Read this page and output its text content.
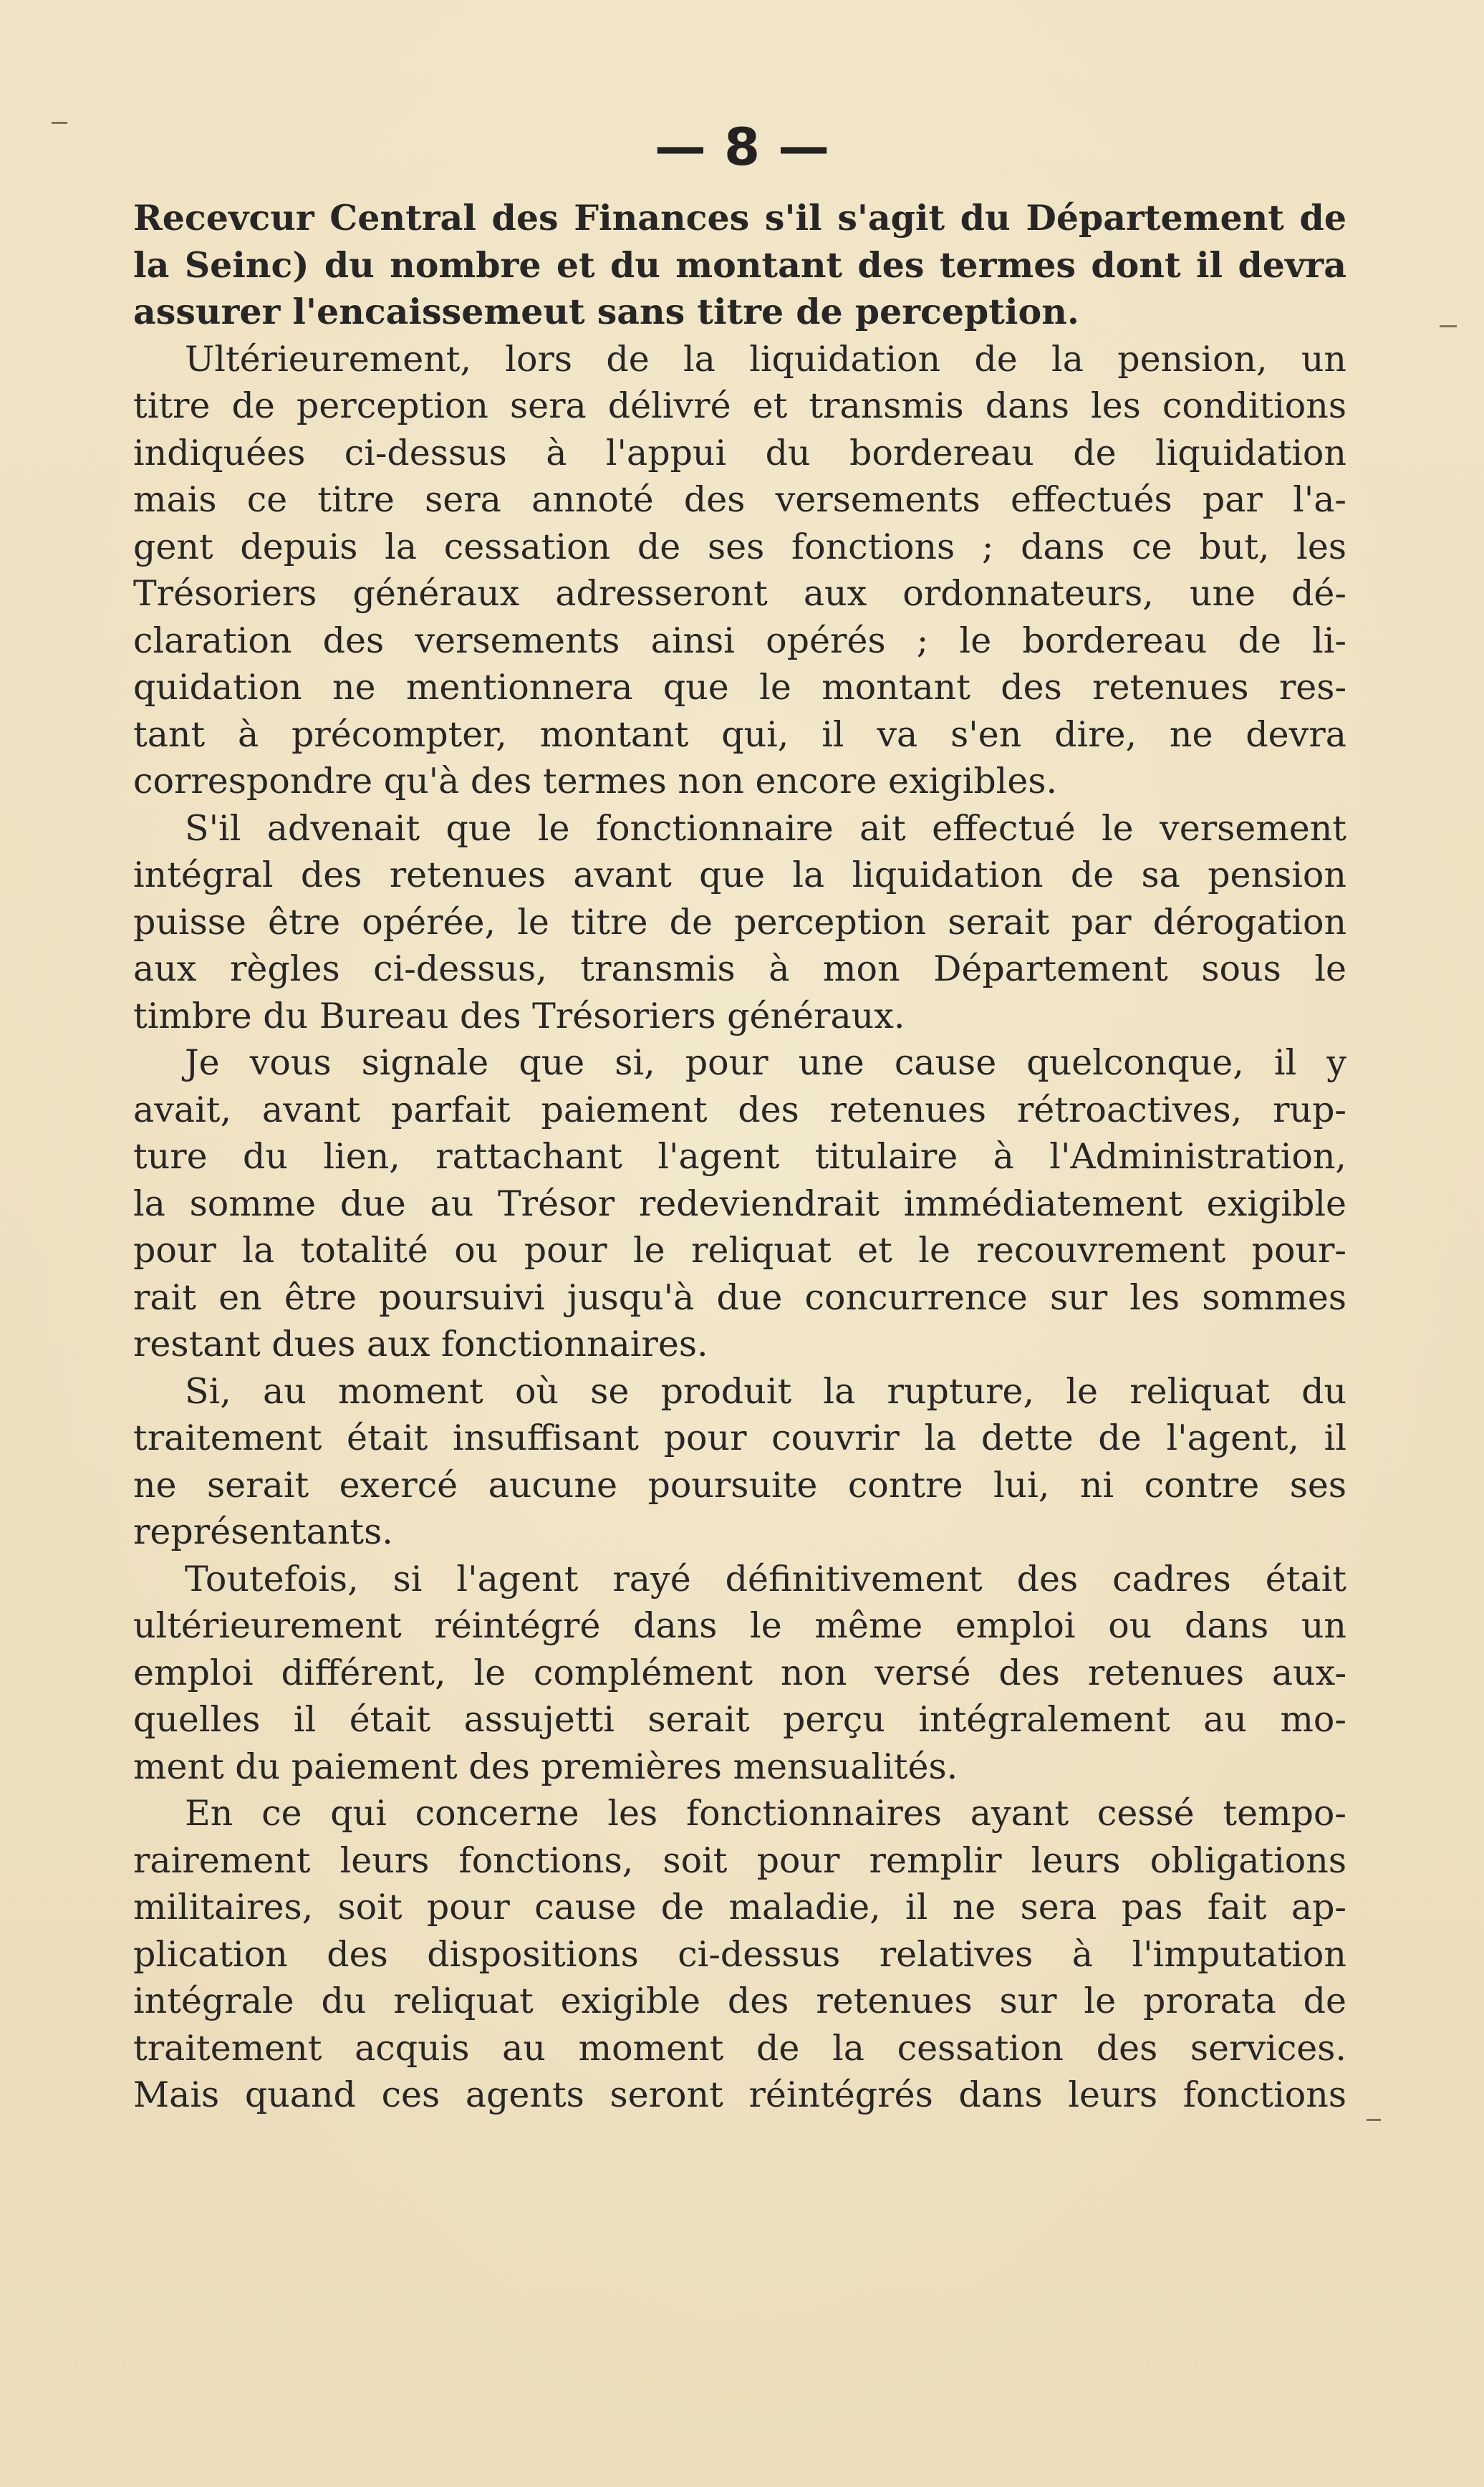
— 8 —
Recevcur Central des Finances s'il s'agit du Département de
la Seinc) du nombre et du montant des termes dont il devra
assurer l'encaissemeut sans titre de perception.
Ultérieurement, lors de la liquidation de la pension, un
titre de perception sera délivré et transmis dans les conditions
indiquées ci-dessus à l'appui du bordereau de liquidation
mais ce titre sera annoté des versements effectués par l'a-
gent depuis la cessation de ses fonctions ; dans ce but, les
Trésoriers généraux adresseront aux ordonnateurs, une dé-
claration des versements ainsi opérés ; le bordereau de li-
quidation ne mentionnera que le montant des retenues res-
tant à précompter, montant qui, il va s'en dire, ne devra
correspondre qu'à des termes non encore exigibles.
S'il advenait que le fonctionnaire ait effectué le versement
intégral des retenues avant que la liquidation de sa pension
puisse être opérée, le titre de perception serait par dérogation
aux règles ci-dessus, transmis à mon Département sous le
timbre du Bureau des Trésoriers généraux.
Je vous signale que si, pour une cause quelconque, il y
avait, avant parfait paiement des retenues rétroactives, rup-
ture du lien, rattachant l'agent titulaire à l'Administration,
la somme due au Trésor redeviendrait immédiatement exigible
pour la totalité ou pour le reliquat et le recouvrement pour-
rait en être poursuivi jusqu'à due concurrence sur les sommes
restant dues aux fonctionnaires.
Si, au moment où se produit la rupture, le reliquat du
traitement était insuffisant pour couvrir la dette de l'agent, il
ne serait exercé aucune poursuite contre lui, ni contre ses
représentants.
Toutefois, si l'agent rayé définitivement des cadres était
ultérieurement réintégré dans le même emploi ou dans un
emploi différent, le complément non versé des retenues aux-
quelles il était assujetti serait perçu intégralement au mo-
ment du paiement des premières mensualités.
En ce qui concerne les fonctionnaires ayant cessé tempo-
rairement leurs fonctions, soit pour remplir leurs obligations
militaires, soit pour cause de maladie, il ne sera pas fait ap-
plication des dispositions ci-dessus relatives à l'imputation
intégrale du reliquat exigible des retenues sur le prorata de
traitement acquis au moment de la cessation des services.
Mais quand ces agents seront réintégrés dans leurs fonctions
